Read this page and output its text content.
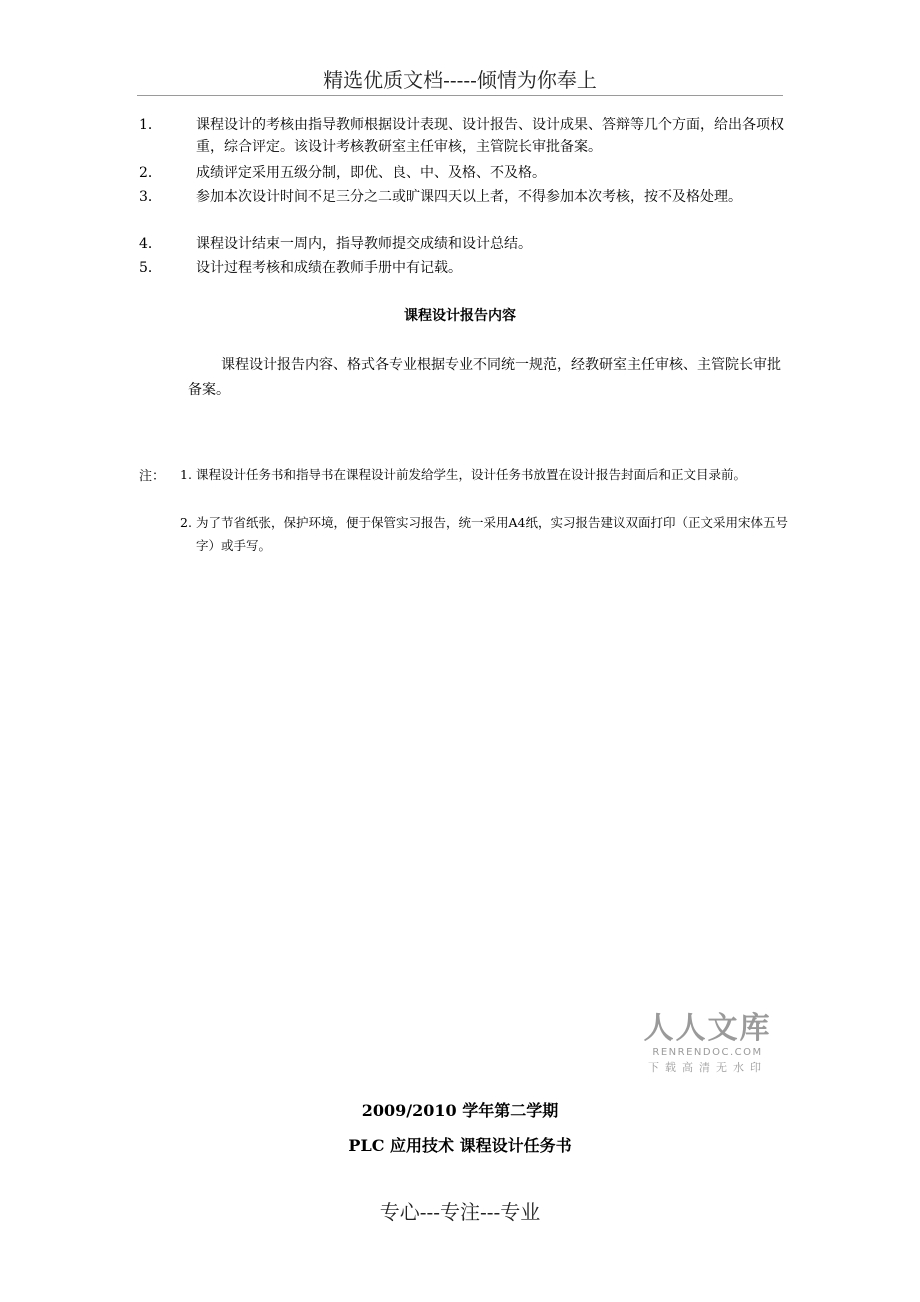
精选优质文档-----倾情为你奉上
1． 课程设计的考核由指导教师根据设计表现、设计报告、设计成果、答辩等几个方面，给出各项权重，综合评定。该设计考核教研室主任审核，主管院长审批备案。
2． 成绩评定采用五级分制，即优、良、中、及格、不及格。
3． 参加本次设计时间不足三分之二或旷课四天以上者，不得参加本次考核，按不及格处理。
4． 课程设计结束一周内，指导教师提交成绩和设计总结。
5． 设计过程考核和成绩在教师手册中有记载。
课程设计报告内容
课程设计报告内容、格式各专业根据专业不同统一规范，经教研室主任审核、主管院长审批备案。
注： 1. 课程设计任务书和指导书在课程设计前发给学生，设计任务书放置在设计报告封面后和正文目录前。
2. 为了节省纸张，保护环境，便于保管实习报告，统一采用A4纸，实习报告建议双面打印（正文采用宋体五号字）或手写。
人人文库
RENRENDOC.COM
下载高清无水印
2009/2010 学年第二学期
PLC 应用技术 课程设计任务书
专心---专注---专业
